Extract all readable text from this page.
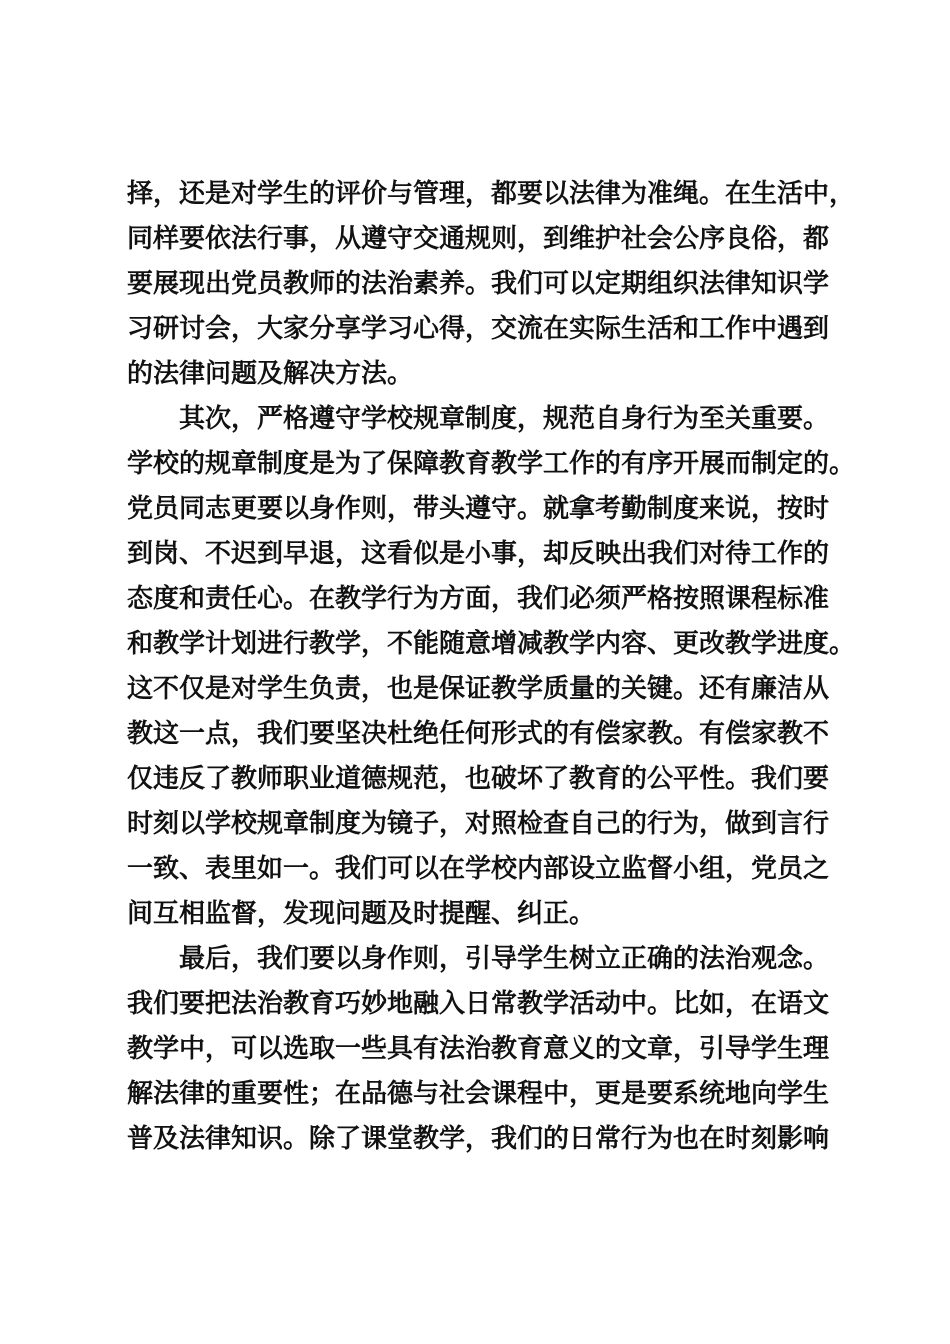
择，还是对学生的评价与管理，都要以法律为准绳。在生活中，
同样要依法行事，从遵守交通规则，到维护社会公序良俗，都
要展现出党员教师的法治素养。我们可以定期组织法律知识学
习研讨会，大家分享学习心得，交流在实际生活和工作中遇到
的法律问题及解决方法。
　　其次，严格遵守学校规章制度，规范自身行为至关重要。
学校的规章制度是为了保障教育教学工作的有序开展而制定的。
党员同志更要以身作则，带头遵守。就拿考勤制度来说，按时
到岗、不迟到早退，这看似是小事，却反映出我们对待工作的
态度和责任心。在教学行为方面，我们必须严格按照课程标准
和教学计划进行教学，不能随意增减教学内容、更改教学进度。
这不仅是对学生负责，也是保证教学质量的关键。还有廉洁从
教这一点，我们要坚决杜绝任何形式的有偿家教。有偿家教不
仅违反了教师职业道德规范，也破坏了教育的公平性。我们要
时刻以学校规章制度为镜子，对照检查自己的行为，做到言行
一致、表里如一。我们可以在学校内部设立监督小组，党员之
间互相监督，发现问题及时提醒、纠正。
　　最后，我们要以身作则，引导学生树立正确的法治观念。
我们要把法治教育巧妙地融入日常教学活动中。比如，在语文
教学中，可以选取一些具有法治教育意义的文章，引导学生理
解法律的重要性；在品德与社会课程中，更是要系统地向学生
普及法律知识。除了课堂教学，我们的日常行为也在时刻影响
